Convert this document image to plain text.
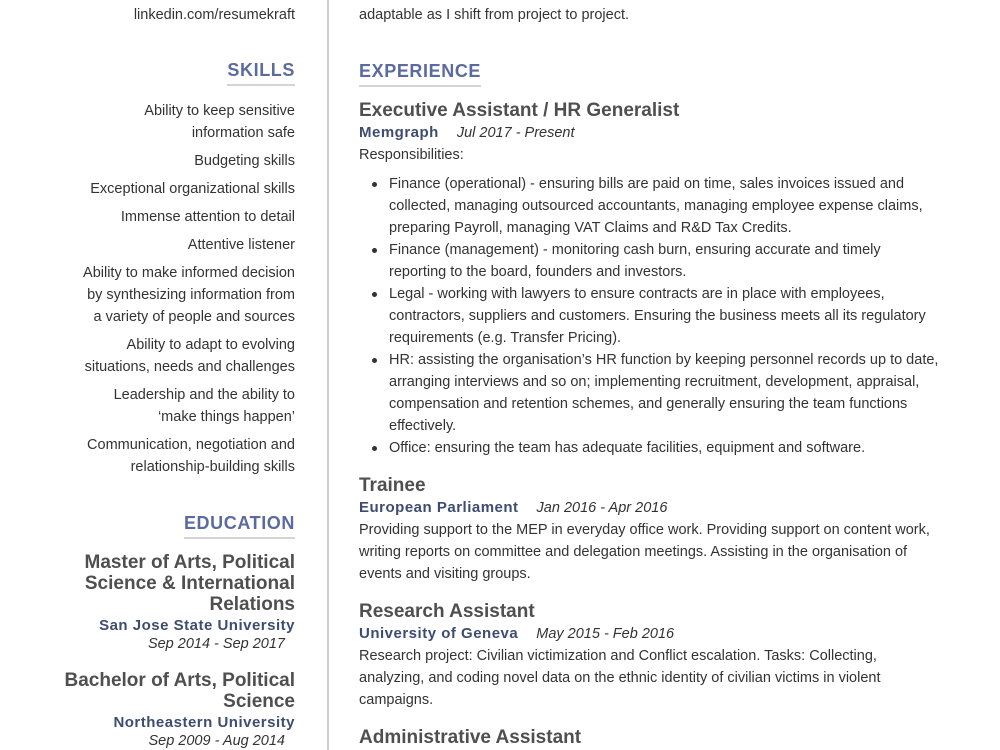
linkedin.com/resumekraft
SKILLS
Ability to keep sensitive
information safe
Budgeting skills
Exceptional organizational skills
Immense attention to detail
Attentive listener
Ability to make informed decision
by synthesizing information from
a variety of people and sources
Ability to adapt to evolving
situations, needs and challenges
Leadership and the ability to
‘make things happen’
Communication, negotiation and
relationship-building skills
EDUCATION
Master of Arts, Political
Science & International
Relations
San Jose State University
Sep 2014 - Sep 2017
Bachelor of Arts, Political
Science
Northeastern University
Sep 2009 - Aug 2014

adaptable as I shift from project to project.

EXPERIENCE
Executive Assistant / HR Generalist
Memgraph Jul 2017 - Present
Responsibilities:
Finance (operational) - ensuring bills are paid on time, sales invoices issued and
collected, managing outsourced accountants, managing employee expense claims,
preparing Payroll, managing VAT Claims and R&D Tax Credits.
Finance (management) - monitoring cash burn, ensuring accurate and timely
reporting to the board, founders and investors.
Legal - working with lawyers to ensure contracts are in place with employees,
contractors, suppliers and customers. Ensuring the business meets all its regulatory
requirements (e.g. Transfer Pricing).
HR: assisting the organisation’s HR function by keeping personnel records up to date,
arranging interviews and so on; implementing recruitment, development, appraisal,
compensation and retention schemes, and generally ensuring the team functions
effectively.
Office: ensuring the team has adequate facilities, equipment and software.
Trainee
European Parliament Jan 2016 - Apr 2016
Providing support to the MEP in everyday office work. Providing support on content work,
writing reports on committee and delegation meetings. Assisting in the organisation of
events and visiting groups.
Research Assistant
University of Geneva May 2015 - Feb 2016
Research project: Civilian victimization and Conflict escalation. Tasks: Collecting,
analyzing, and coding novel data on the ethnic identity of civilian victims in violent
campaigns.
Administrative Assistant
